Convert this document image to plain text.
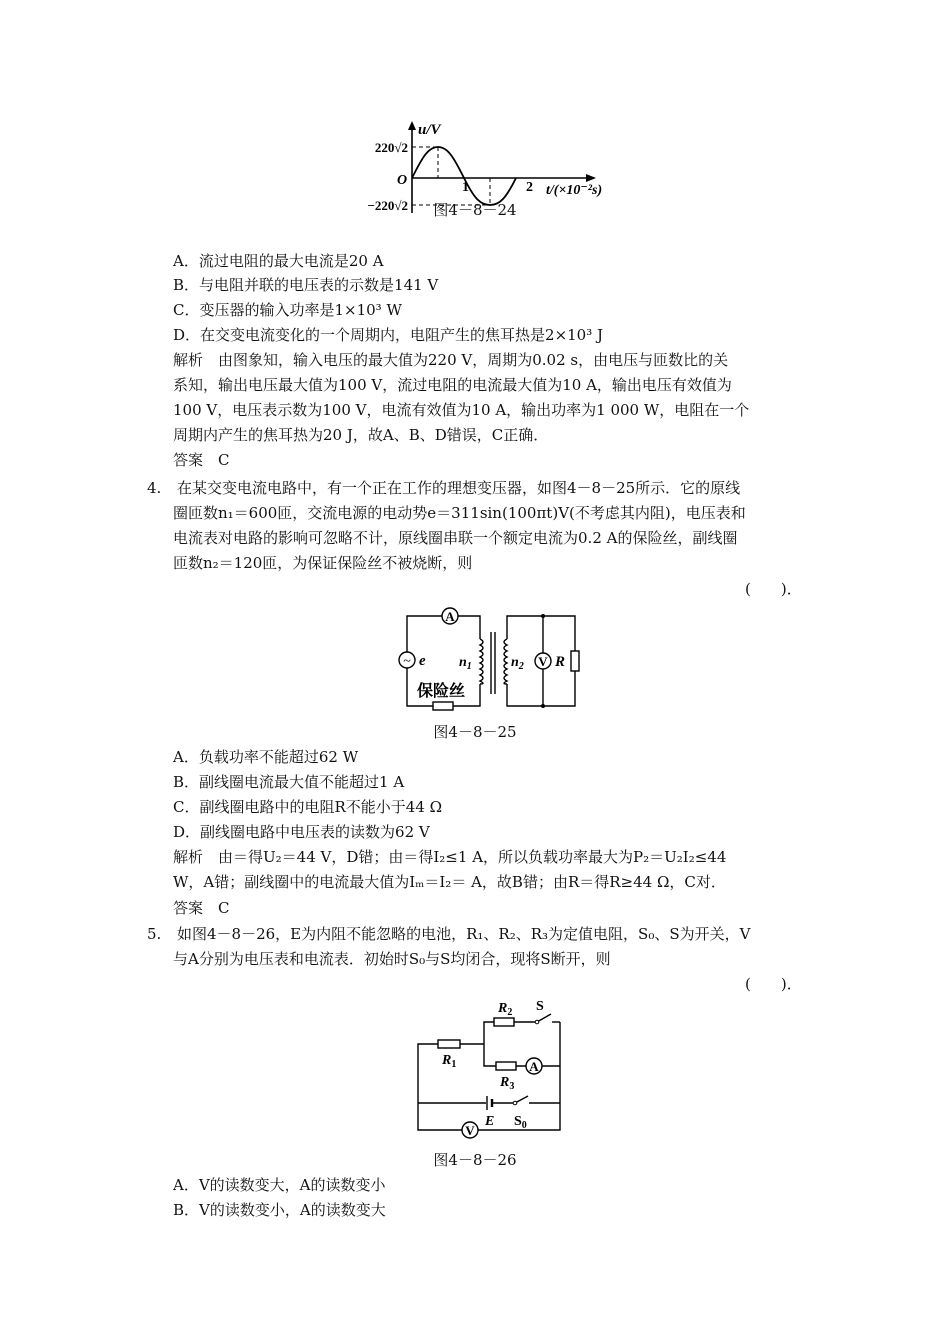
u/V
220√2
O
−220√2
1	2 t/(×10⁻²s)
图4－8－24
A．流过电阻的最大电流是20 A
B．与电阻并联的电压表的示数是141 V
C．变压器的输入功率是1×10³ W
D．在交变电流变化的一个周期内，电阻产生的焦耳热是2×10³ J
解析　由图象知，输入电压的最大值为220 V，周期为0.02 s，由电压与匝数比的关
系知，输出电压最大值为100 V，流过电阻的电流最大值为10 A，输出电压有效值为
100 V，电压表示数为100 V，电流有效值为10 A，输出功率为1 000 W，电阻在一个
周期内产生的焦耳热为20 J，故A、B、D错误，C正确．
答案　C
4. 在某交变电流电路中，有一个正在工作的理想变压器，如图4－8－25所示．它的原线
圈匝数n₁＝600匝，交流电源的电动势e＝311sin(100πt)V(不考虑其内阻)，电压表和
电流表对电路的影响可忽略不计，原线圈串联一个额定电流为0.2 A的保险丝，副线圈
匝数n₂＝120匝，为保证保险丝不被烧断，则
(　　)．
A
~ e
保险丝
$n_1$	$n_2$ V R
图4－8－25
A．负载功率不能超过62 W
B．副线圈电流最大值不能超过1 A
C．副线圈电路中的电阻R不能小于44 Ω
D．副线圈电路中电压表的读数为62 V
解析　由＝得U₂＝44 V，D错；由＝得I₂≤1 A，所以负载功率最大为P₂＝U₂I₂≤44
W，A错；副线圈中的电流最大值为Iₘ＝I₂＝ A，故B错；由R＝得R≥44 Ω，C对．
答案　C
5. 如图4－8－26，E为内阻不能忽略的电池，R₁、R₂、R₃为定值电阻，S₀、S为开关，V
与A分别为电压表和电流表．初始时S₀与S均闭合，现将S断开，则
(　　)．
$R_1$
$R_2$ S
$R_3$
A
E $S_0$
V
图4－8－26
A．V的读数变大，A的读数变小
B．V的读数变小，A的读数变大
